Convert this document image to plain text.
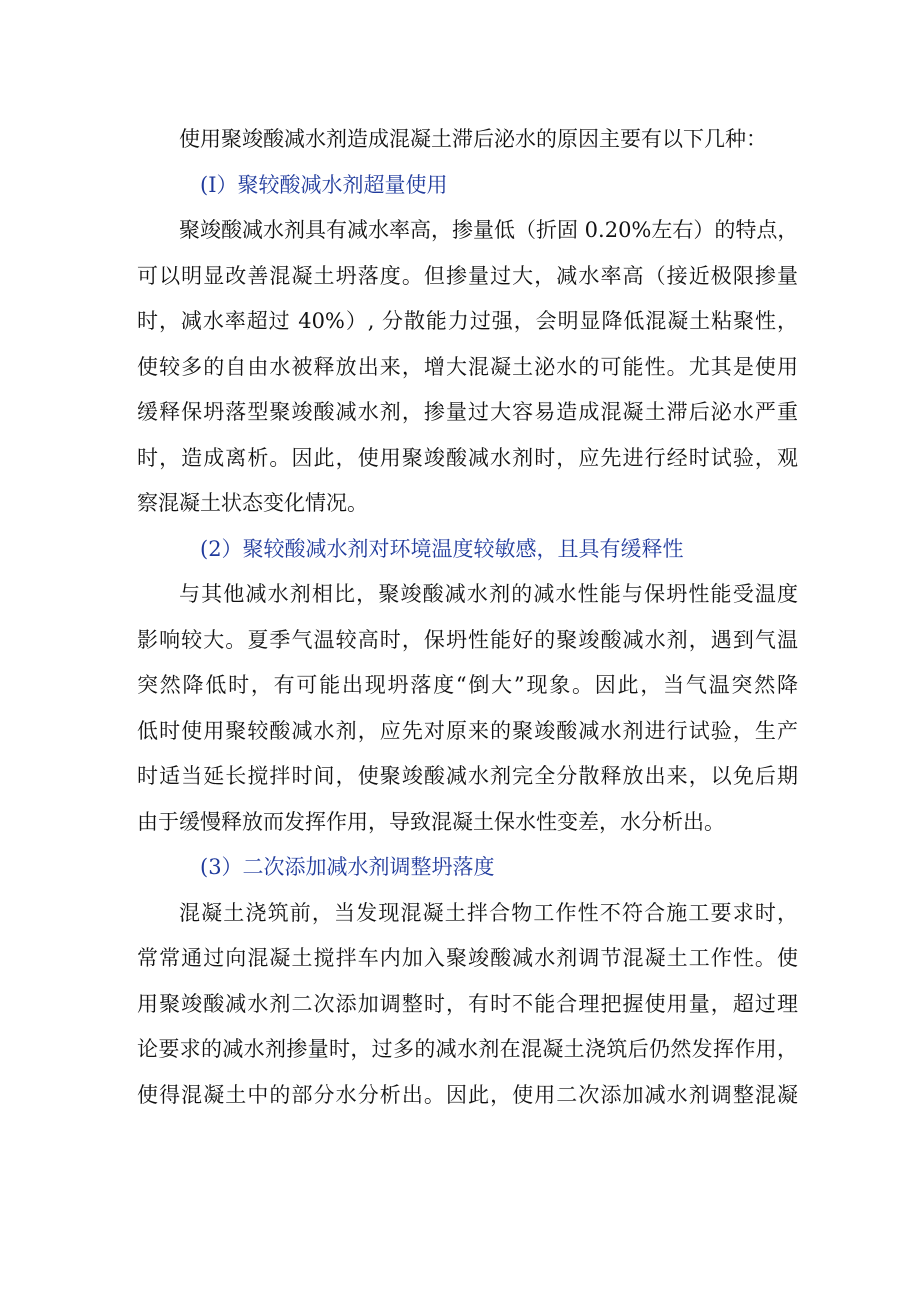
使用聚竣酸减水剂造成混凝土滞后泌水的原因主要有以下几种：
(I）聚较酸减水剂超量使用
聚竣酸减水剂具有减水率高，掺量低（折固 0.20%左右）的特点，
可以明显改善混凝土坍落度。但掺量过大，减水率高（接近极限掺量
时，减水率超过 40%）, 分散能力过强，会明显降低混凝土粘聚性，
使较多的自由水被释放出来，增大混凝土泌水的可能性。尤其是使用
缓释保坍落型聚竣酸减水剂，掺量过大容易造成混凝土滞后泌水严重
时，造成离析。因此，使用聚竣酸减水剂时，应先进行经时试验，观
察混凝土状态变化情况。
(2）聚较酸减水剂对环境温度较敏感，且具有缓释性
与其他减水剂相比，聚竣酸减水剂的减水性能与保坍性能受温度
影响较大。夏季气温较高时，保坍性能好的聚竣酸减水剂，遇到气温
突然降低时，有可能出现坍落度“倒大”现象。因此，当气温突然降
低时使用聚较酸减水剂，应先对原来的聚竣酸减水剂进行试验，生产
时适当延长搅拌时间，使聚竣酸减水剂完全分散释放出来，以免后期
由于缓慢释放而发挥作用，导致混凝土保水性变差，水分析出。
(3）二次添加减水剂调整坍落度
混凝土浇筑前，当发现混凝土拌合物工作性不符合施工要求时，
常常通过向混凝土搅拌车内加入聚竣酸减水剂调节混凝土工作性。使
用聚竣酸减水剂二次添加调整时，有时不能合理把握使用量，超过理
论要求的减水剂掺量时，过多的减水剂在混凝土浇筑后仍然发挥作用，
使得混凝土中的部分水分析出。因此，使用二次添加减水剂调整混凝
